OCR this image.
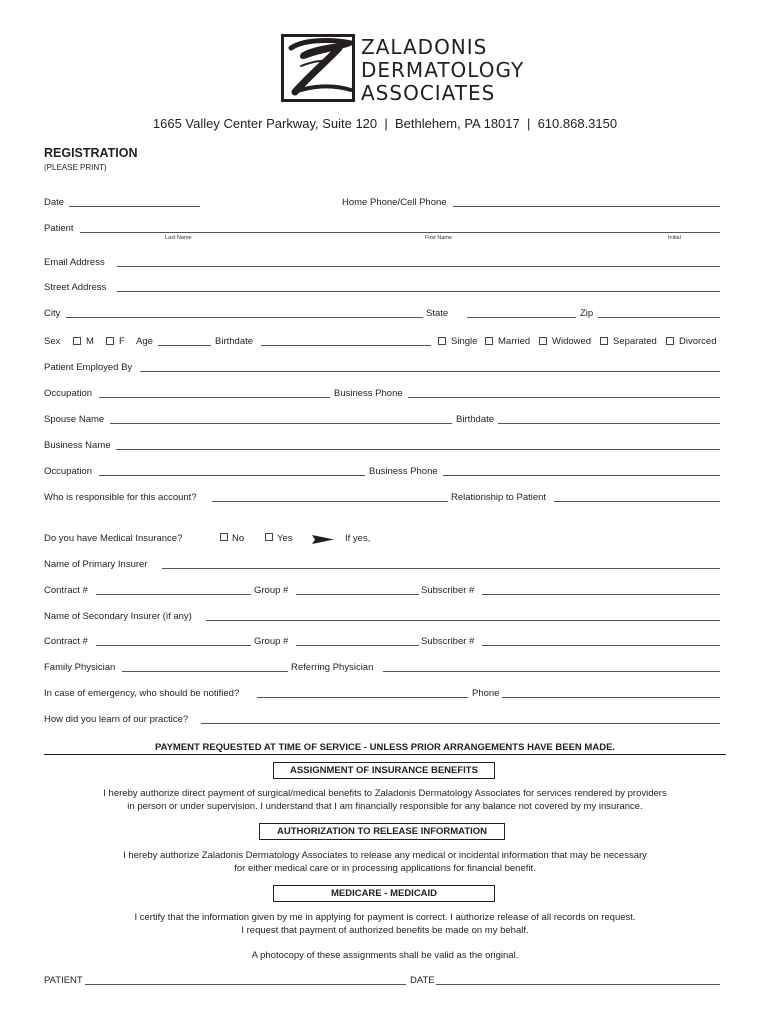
ZALADONIS
DERMATOLOGY
ASSOCIATES
1665 Valley Center Parkway, Suite 120  |  Bethlehem, PA 18017  |  610.868.3150
REGISTRATION
(PLEASE PRINT)
Date	Home Phone/Cell Phone
Patient
Last Name	First Name	Initial
Email Address
Street Address
City	State	Zip
Sex	M	F Age	Birthdate	Single Married Widowed Separated Divorced
Patient Employed By
Occupation	Business Phone
Spouse Name	Birthdate
Business Name
Occupation	Business Phone
Who is responsible for this account?	Relationship to Patient
Do you have Medical Insurance?	No	Yes	If yes,
Name of Primary Insurer
Contract #	Group #	Subscriber #
Name of Secondary Insurer (if any)
Contract #	Group #	Subscriber #
Family Physician	Referring Physician
In case of emergency, who should be notified?	Phone
How did you learn of our practice?
PAYMENT REQUESTED AT TIME OF SERVICE - UNLESS PRIOR ARRANGEMENTS HAVE BEEN MADE.
ASSIGNMENT OF INSURANCE BENEFITS
I hereby authorize direct payment of surgical/medical benefits to Zaladonis Dermatology Associates for services rendered by providers
in person or under supervision. I understand that I am financially responsible for any balance not covered by my insurance.
AUTHORIZATION TO RELEASE INFORMATION
I hereby authorize Zaladonis Dermatology Associates to release any medical or incidental information that may be necessary
for either medical care or in processing applications for financial benefit.
MEDICARE - MEDICAID
I certify that the information given by me in applying for payment is correct. I authorize release of all records on request.
I request that payment of authorized benefits be made on my behalf.
A photocopy of these assignments shall be valid as the original.
PATIENT	DATE
